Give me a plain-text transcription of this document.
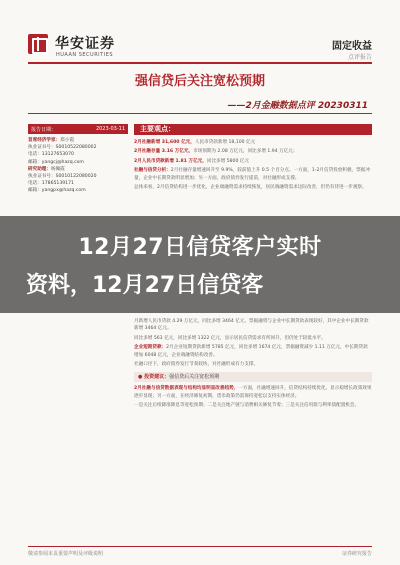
华安证券
HUAAN SECURITIES
固定收益
点评报告
强信贷后关注宽松预期
——2月金融数据点评 20230311
报告日期：	2023-03-11
首席经济学家：郑小霞
执业证书号：S0010522080002
电话：13127653070
邮箱：yangcj@hazq.com
研究助理：杨佩霞
执业证书号：S0010122080020
电话：17865139171
邮箱：yangpx@hazq.com
主要观点：

2月社融新增 31,600 亿元，人民币贷款新增 18,100 亿元

2月社融存量 3.16 万亿元，市场预期为 2.08 万亿元，同比多增 1.94 万亿元；

2月人民币贷款新增 1.81 万亿元，同比多增 5800 亿元

社融与信贷分析：2月社融存量增速回升至 9.9%，较前值上升 0.5 个百分点。一方面，1-2月信贷投放积极，票据冲量，企业中长期贷款明显增加；另一方面，政府债券发行提前，对社融形成支撑。

总体来看，2月信贷结构进一步优化，企业端融资需求持续恢复，居民端融资需求边际改善，但仍有待进一步观察。

月新增人民币贷款 4.29 万亿元，同比多增 3464 亿元，票据融资与企业中长期贷款表现较好，其中企业中长期贷款新增 3464 亿元。

同比多增 563 亿元，同比多增 1322 亿元，显示居民信贷需求有所回升，但仍处于较低水平。

企业短期贷款：2月企业短期贷款新增 5785 亿元，同比多增 1674 亿元，票据融资减少 1.11 万亿元，中长期贷款增加 6048 亿元，企业端融资结构改善。

社融口径下，政府债券发行节奏较快，对社融形成有力支撑。

● 投资建议：强信贷后关注宽松预期

2月社融与信贷数据表现与结构均显明显改善趋势，一方面，社融增速回升，信贷结构持续优化，显示稳增长政策效果逐步显现；另一方面，在经济修复初期，货币政策仍需保持宽松以支持实体经济。

一是关注后续降准降息等宽松预期；二是关注地产链与消费相关修复节奏；三是关注信用债与利率债配置机会。

12月27日信贷客户实时
资料，12月27日信贷客
敬请参阅末页重要声明及评级说明	证券研究报告
